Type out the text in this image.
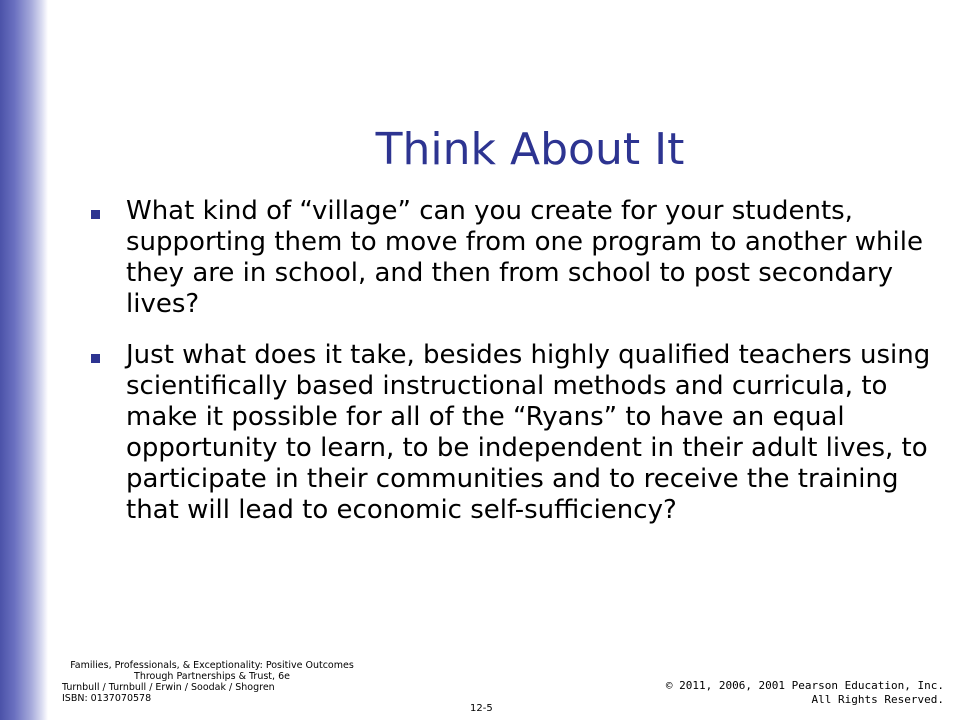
Think About It
What kind of “village” can you create for your students, supporting them to move from one program to another while they are in school, and then from school to post secondary lives?
Just what does it take, besides highly qualified teachers using scientifically based instructional methods and curricula, to make it possible for all of the “Ryans” to have an equal opportunity to learn, to be independent in their adult lives, to participate in their communities and to receive the training that will lead to economic self-sufficiency?
Families, Professionals, & Exceptionality: Positive Outcomes
Through Partnerships & Trust, 6e
Turnbull / Turnbull / Erwin / Soodak / Shogren
ISBN: 0137070578
12-5
© 2011, 2006, 2001 Pearson Education, Inc.
All Rights Reserved.
